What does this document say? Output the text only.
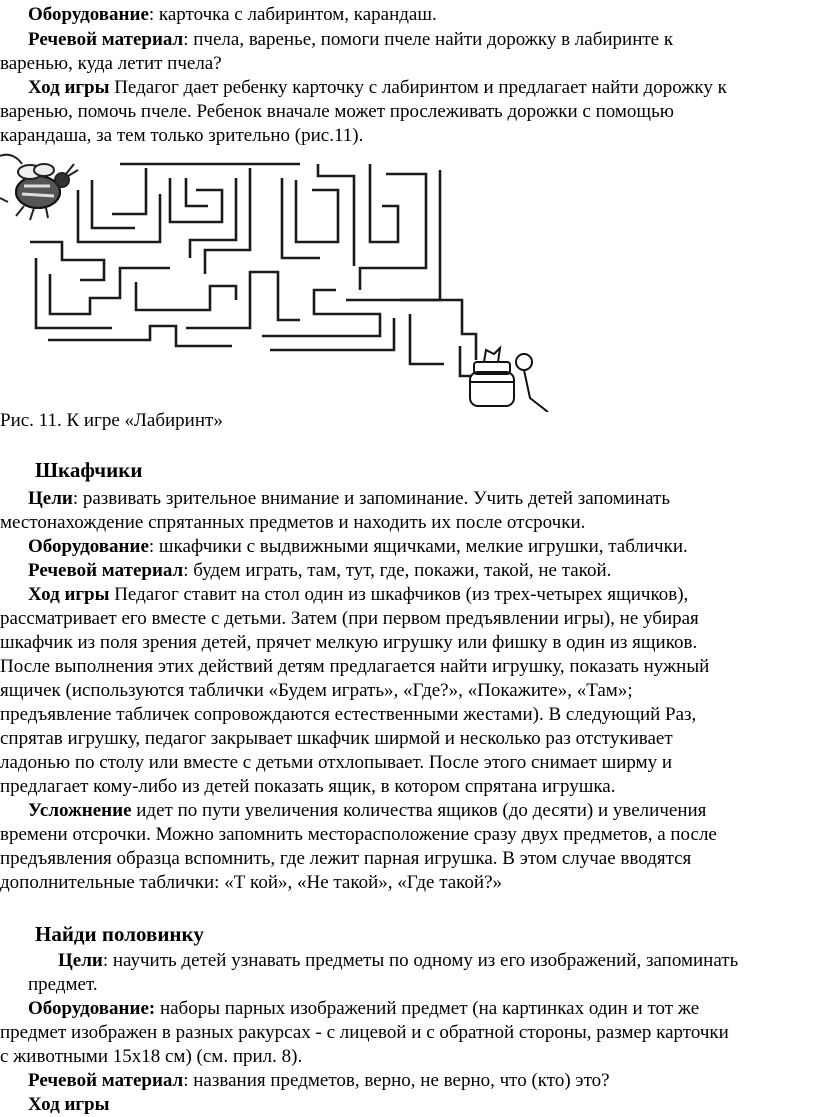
Оборудование: карточка с лабиринтом, карандаш.
Речевой материал: пчела, варенье, помоги пчеле найти дорожку в лабиринте к
варенью, куда летит пчела?
Ход игры Педагог дает ребенку карточку с лабиринтом и предлагает найти дорожку к
варенью, помочь пчеле. Ребенок вначале может прослеживать дорожки с помощью
карандаша, за тем только зрительно (рис.11).
Рис. 11. К игре «Лабиринт»
Шкафчики
Цели: развивать зрительное внимание и запоминание. Учить детей запоминать
местонахождение спрятанных предметов и находить их после отсрочки.
Оборудование: шкафчики с выдвижными ящичками, мелкие игрушки, таблички.
Речевой материал: будем играть, там, тут, где, покажи, такой, не такой.
Ход игры Педагог ставит на стол один из шкафчиков (из трех-четырех ящичков),
рассматривает его вместе с детьми. Затем (при первом предъявлении игры), не убирая
шкафчик из поля зрения детей, прячет мелкую игрушку или фишку в один из ящиков.
После выполнения этих действий детям предлагается найти игрушку, показать нужный
ящичек (используются таблички «Будем играть», «Где?», «Покажите», «Там»;
предъявление табличек сопровождаются естественными жестами). В следующий Раз,
спрятав игрушку, педагог закрывает шкафчик ширмой и несколько раз отстукивает
ладонью по столу или вместе с детьми отхлопывает. После этого снимает ширму и
предлагает кому-либо из детей показать ящик, в котором спрятана игрушка.
Усложнение идет по пути увеличения количества ящиков (до десяти) и увеличения
времени отсрочки. Можно запомнить месторасположение сразу двух предметов, а после
предъявления образца вспомнить, где лежит парная игрушка. В этом случае вводятся
дополнительные таблички: «Т кой», «Не такой», «Где такой?»
Найди половинку
Цели: научить детей узнавать предметы по одному из его изображений, запоминать
предмет.
Оборудование: наборы парных изображений предмет (на картинках один и тот же
предмет изображен в разных ракурсах - с лицевой и с обратной стороны, размер карточки
с животными 15х18 см) (см. прил. 8).
Речевой материал: названия предметов, верно, не верно, что (кто) это?
Ход игры
